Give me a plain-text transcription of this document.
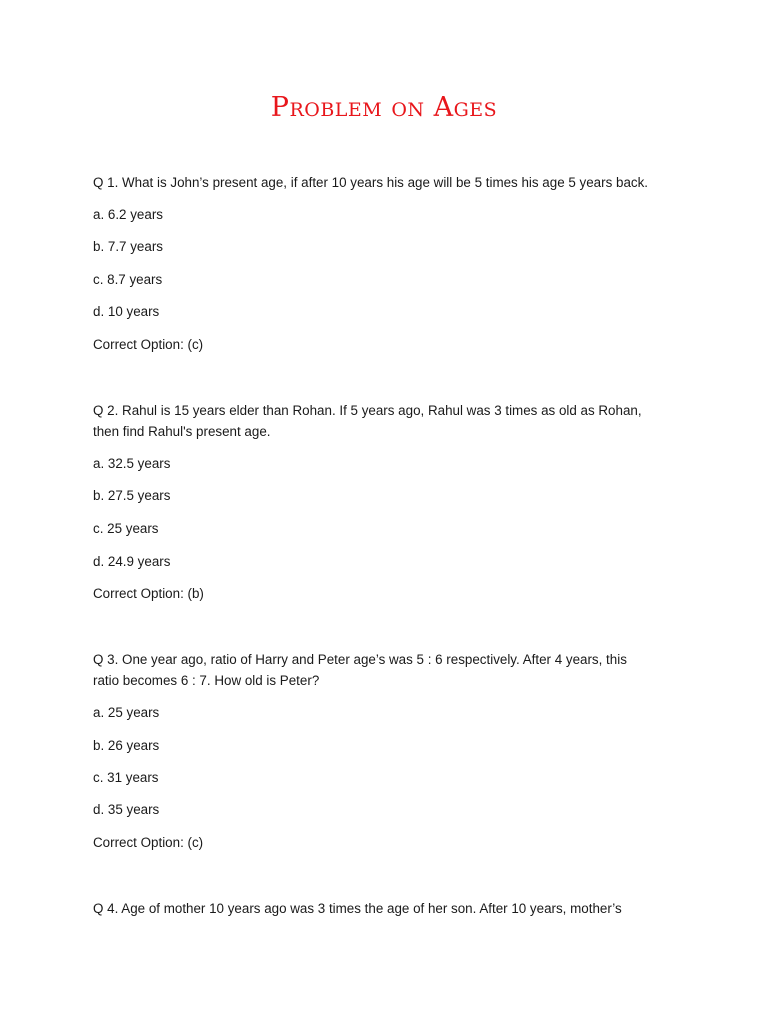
Problem on Ages
Q 1. What is John’s present age, if after 10 years his age will be 5 times his age 5 years back.
a. 6.2 years
b. 7.7 years
c. 8.7 years
d. 10 years
Correct Option: (c)
Q 2. Rahul is 15 years elder than Rohan. If 5 years ago, Rahul was 3 times as old as Rohan,
then find Rahul's present age.
a. 32.5 years
b. 27.5 years
c. 25 years
d. 24.9 years
Correct Option: (b)
Q 3. One year ago, ratio of Harry and Peter age’s was 5 : 6 respectively. After 4 years, this
ratio becomes 6 : 7. How old is Peter?
a. 25 years
b. 26 years
c. 31 years
d. 35 years
Correct Option: (c)
Q 4. Age of mother 10 years ago was 3 times the age of her son. After 10 years, mother’s
